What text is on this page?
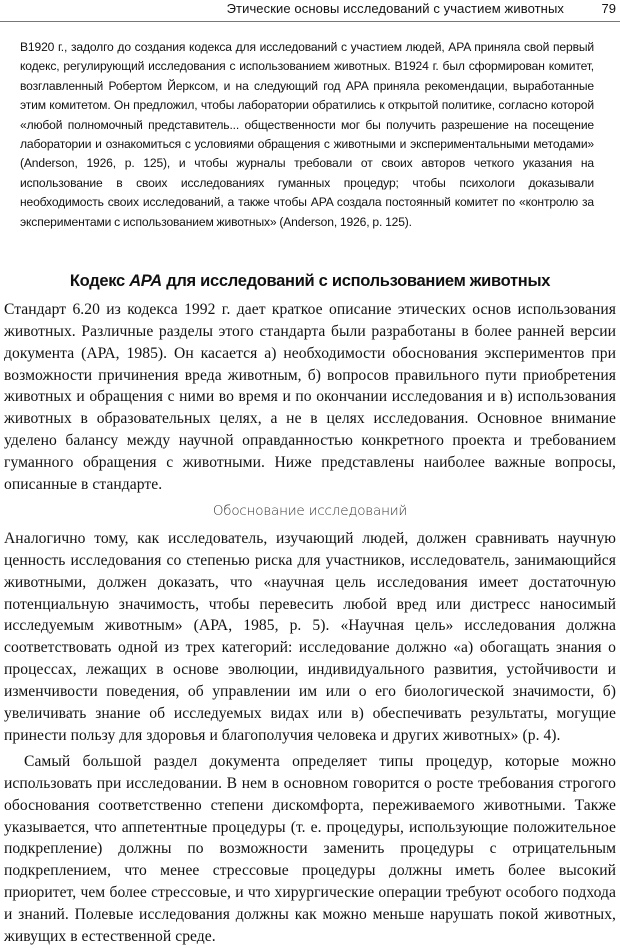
Этические основы исследований с участием животных	79

В1920 г., задолго до создания кодекса для исследований с участием людей, APA приняла свой первый кодекс, регулирующий исследования с использованием животных. В1924 г. был сформирован комитет, возглавленный Робертом Йерксом, и на следующий год APA приняла рекомендации, выработанные этим комитетом. Он предложил, чтобы лаборатории обратились к открытой политике, согласно которой «любой полномочный представитель... общественности мог бы получить разрешение на посещение лаборатории и ознакомиться с условиями обращения с животными и экспериментальными методами» (Anderson, 1926, р. 125), и чтобы журналы требовали от своих авторов четкого указания на использование в своих исследованиях гуманных процедур; чтобы психологи доказывали необходимость своих исследований, а также чтобы APA создала постоянный комитет по «контролю за экспериментами с использованием животных» (Anderson, 1926, р. 125).

Кодекс APA для исследований с использованием животных

Стандарт 6.20 из кодекса 1992 г. дает краткое описание этических основ использования животных. Различные разделы этого стандарта были разработаны в более ранней версии документа (АРА, 1985). Он касается а) необходимости обоснования экспериментов при возможности причинения вреда животным, б) вопросов правильного пути приобретения животных и обращения с ними во время и по окончании исследования и в) использования животных в образовательных целях, а не в целях исследования. Основное внимание уделено балансу между научной оправданностью конкретного проекта и требованием гуманного обращения с животными. Ниже представлены наиболее важные вопросы, описанные в стандарте.

Обоснование исследований

Аналогично тому, как исследователь, изучающий людей, должен сравнивать научную ценность исследования со степенью риска для участников, исследователь, занимающийся животными, должен доказать, что «научная цель исследования имеет достаточную потенциальную значимость, чтобы перевесить любой вред или дистресс наносимый исследуемым животным» (АРА, 1985, р. 5). «Научная цель» исследования должна соответствовать одной из трех категорий: исследование должно «а) обогащать знания о процессах, лежащих в основе эволюции, индивидуального развития, устойчивости и изменчивости поведения, об управлении им или о его биологической значимости, б) увеличивать знание об исследуемых видах или в) обеспечивать результаты, могущие принести пользу для здоровья и благополучия человека и других животных» (р. 4).

Самый большой раздел документа определяет типы процедур, которые можно использовать при исследовании. В нем в основном говорится о росте требования строгого обоснования соответственно степени дискомфорта, переживаемого животными. Также указывается, что аппетентные процедуры (т. е. процедуры, использующие положительное подкрепление) должны по возможности заменить процедуры с отрицательным подкреплением, что менее стрессовые процедуры должны иметь более высокий приоритет, чем более стрессовые, и что хирургические операции требуют особого подхода и знаний. Полевые исследования должны как можно меньше нарушать покой животных, живущих в естественной среде.
